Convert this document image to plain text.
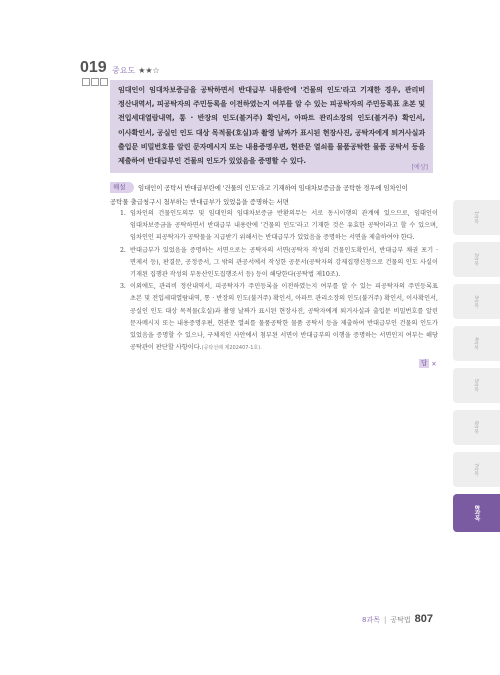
019 중요도 ★★☆
임대인이 임대차보증금을 공탁하면서 반대급부 내용란에 '건물의 인도'라고 기재한 경우, 관리비 정산내역서, 피공탁자의 주민등록을 이전하였는지 여부를 알 수 있는 피공탁자의 주민등록표 초본 및 전입세대열람내역, 통 · 반장의 인도(불거주) 확인서, 아파트 관리소장의 인도(불거주) 확인서, 이사확인서, 공실인 인도 대상 목적물(호실)과 촬영 날짜가 표시된 현장사진, 공탁자에게 퇴거사실과 출입문 비밀번호를 알린 문자메시지 또는 내용증명우편, 현관문 열쇠를 물품공탁한 물품 공탁서 등을 제출하여 반대급부인 건물의 인도가 있었음을 증명할 수 있다.
[예상]
해설	임대인이 공탁서 반대급부란에 '건물의 인도'라고 기재하여 임대차보증금을 공탁한 경우에 임차인이
공탁물 출급청구시 첨부하는 반대급부가 있었음을 증명하는 서면
1. 임차인의 건물인도의무 및 임대인의 임대차보증금 반환의무는 서로 동시이행의 관계에 있으므로, 임대인이 임대차보증금을 공탁하면서 반대급부 내용란에 '건물의 인도'라고 기재한 것은 유효한 공탁이라고 할 수 있으며, 임차인인 피공탁자가 공탁물을 지급받기 위해서는 반대급부가 있었음을 증명하는 서면을 제출하여야 한다.
2. 반대급부가 있었음을 증명하는 서면으로는 공탁자의 서면(공탁자 작성의 건물인도확인서, 반대급부 채권 포기 · 면제서 등), 판결문, 공정증서, 그 밖의 관공서에서 작성한 공문서(공탁자의 강제집행신청으로 건물의 인도 사실이 기재된 집행관 작성의 부동산인도집행조서 등) 등이 해당한다(공탁법 제10조).
3. 이외에도, 관리비 정산내역서, 피공탁자가 주민등록을 이전하였는지 여부를 알 수 있는 피공탁자의 주민등록표 초본 및 전입세대열람내역, 통 · 반장의 인도(불거주) 확인서, 아파트 관리소장의 인도(불거주) 확인서, 이사확인서, 공실인 인도 대상 목적물(호실)과 촬영 날짜가 표시된 현장사진, 공탁자에게 퇴거사실과 출입문 비밀번호를 알린 문자메시지 또는 내용증명우편, 현관문 열쇠를 물품공탁한 물품 공탁서 등을 제출하여 반대급부인 건물의 인도가 있었음을 증명할 수 있으나, 구체적인 사안에서 첨부된 서면이 반대급부의 이행을 증명하는 서면인지 여부는 해당 공탁관이 판단할 사항이다.(공탁선례 제202407-1호).
답 ✕
1과목
2과목
3과목
4과목
5과목
6과목
7과목
8과목
8과목 | 공탁법 807
